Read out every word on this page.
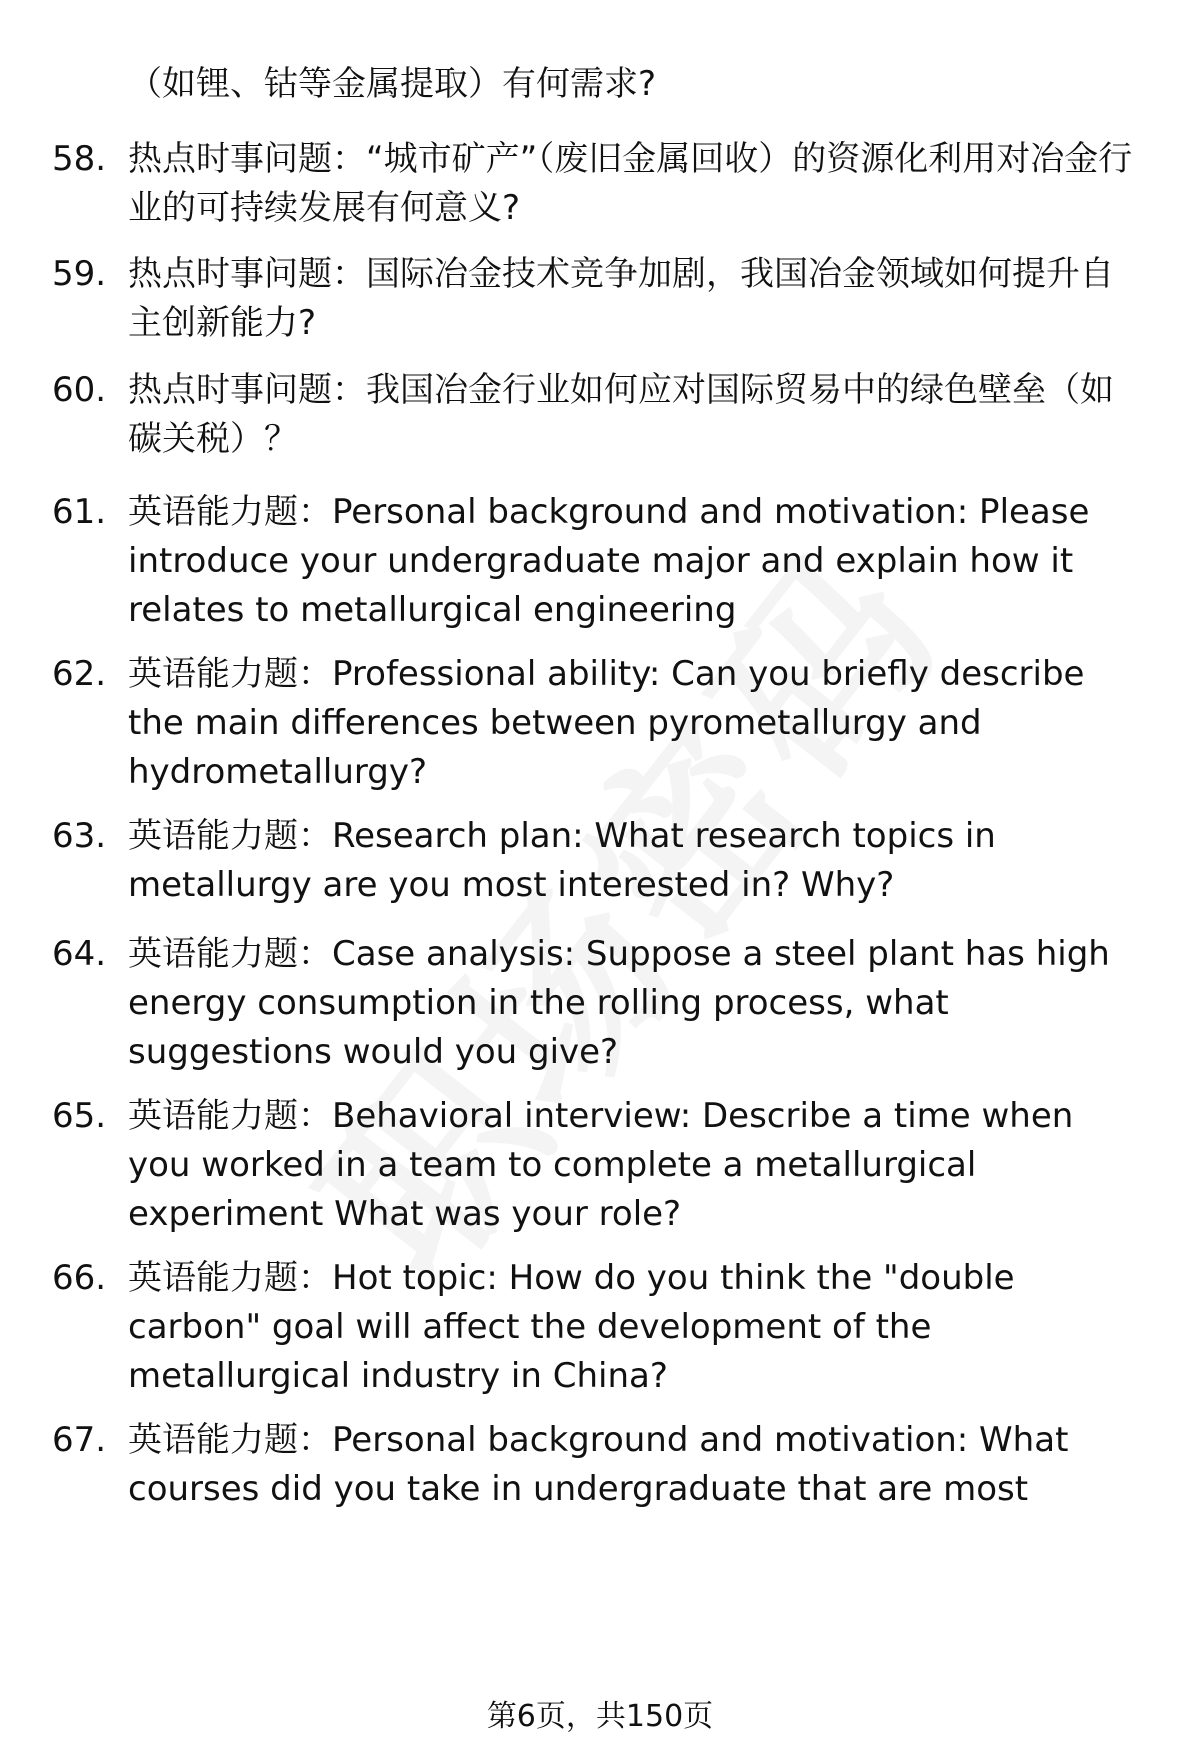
（如锂、钴等金属提取）有何需求?

58. 热点时事问题：“城市矿产”（废旧金属回收）的资源化利用对冶金行业的可持续发展有何意义?
59. 热点时事问题：国际冶金技术竞争加剧，我国冶金领域如何提升自主创新能力?
60. 热点时事问题：我国冶金行业如何应对国际贸易中的绿色壁垒（如碳关税）？
61. 英语能力题：Personal background and motivation: Please introduce your undergraduate major and explain how it relates to metallurgical engineering
62. 英语能力题：Professional ability: Can you briefly describe the main differences between pyrometallurgy and hydrometallurgy?
63. 英语能力题：Research plan: What research topics in metallurgy are you most interested in? Why?
64. 英语能力题：Case analysis: Suppose a steel plant has high energy consumption in the rolling process, what suggestions would you give?
65. 英语能力题：Behavioral interview: Describe a time when you worked in a team to complete a metallurgical experiment What was your role?
66. 英语能力题：Hot topic: How do you think the "double carbon" goal will affect the development of the metallurgical industry in China?
67. 英语能力题：Personal background and motivation: What courses did you take in undergraduate that are most
第6页，共150页
